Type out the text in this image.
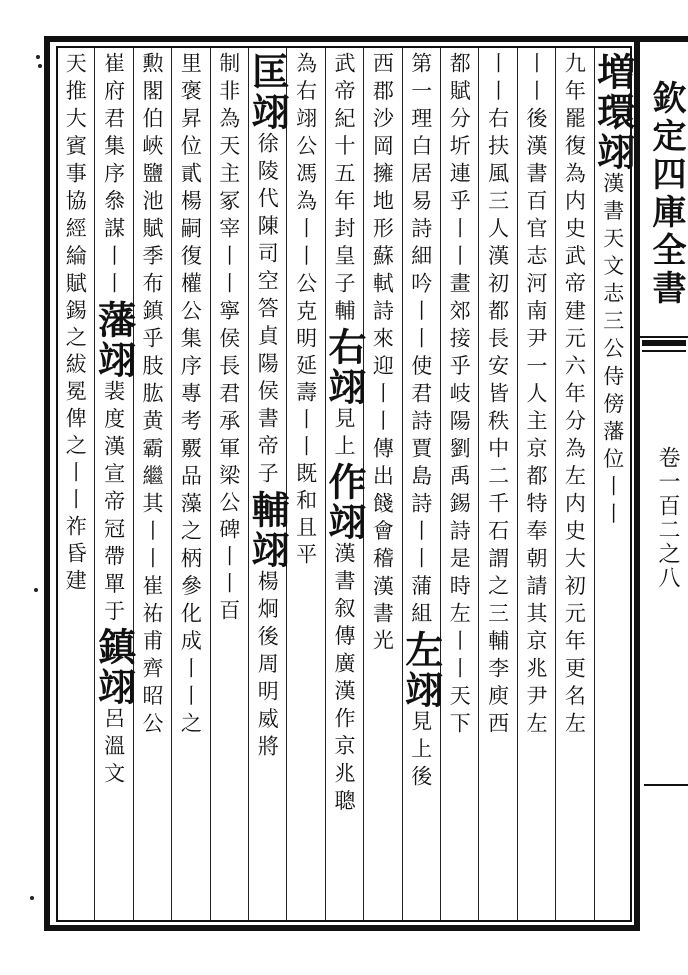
欽定四庫全書
卷一百二之八
増環翊
漢書天文志三公
侍傍藩位丨丨
九年罷復為内史武帝建元六年分為左内史大初元年更名左
丨丨後漢書百官志河南尹一人主京都特奉朝請其京兆尹左
丨丨右扶風三人漢初都長安皆秩中二千石謂之三輔李庾西
都賦分圻連乎丨丨畫郊接乎岐陽劉禹錫詩是時左丨丨天下
第一理白居易詩細吟丨丨使君詩賈島詩丨丨蒲組
左翊
見上後
西郡沙岡擁地形蘇軾詩來迎丨丨傳出餞會稽
漢書光
武帝紀十五年封皇子輔
右翊
見上
作翊
漢書叙傳廣漢作京兆聰
為右翊公馮為丨丨公
克明延壽丨丨既和且平
匡翊
徐陵代陳司空答貞陽侯書帝子
輔翊
楊炯後周明威將
制非為天主冢宰丨丨寧侯長君承
軍梁公碑丨丨百
里褒昇位貳楊嗣復權公集序專考覈品藻之柄參化成丨丨之
勲閣伯峽鹽池賦季布鎮乎肢肱黄霸繼其丨丨崔祐甫齊昭公
崔府君集序叅謀丨丨
藩翊
裴度漢宣帝冠帶單于
鎮翊
呂溫文
天推大賓事協經綸
賦錫之紱冕俾之丨丨
祚昏建
